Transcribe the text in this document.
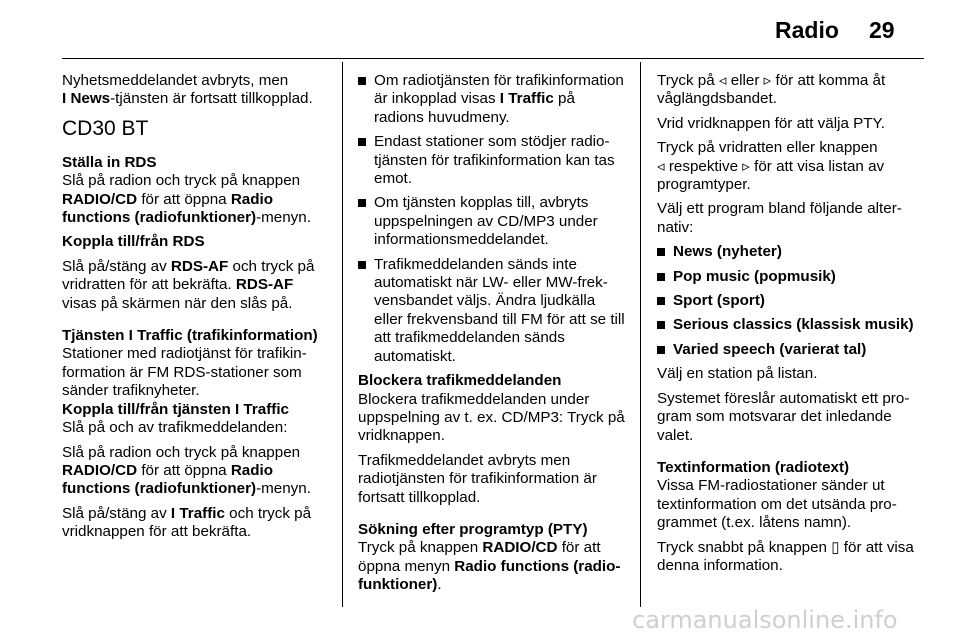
Radio 29

Nyhetsmeddelandet avbryts, men
I News-tjänsten är fortsatt tillkopplad.

CD30 BT

Ställa in RDS

Slå på radion och tryck på knappen RADIO/CD för att öppna Radio functions (radiofunktioner)-menyn.

Koppla till/från RDS

Slå på/stäng av RDS-AF och tryck på vridratten för att bekräfta. RDS-AF visas på skärmen när den slås på.

Tjänsten I Traffic (trafikinformation)

Stationer med radiotjänst för trafikinformation är FM RDS-stationer som sänder trafiknyheter.

Koppla till/från tjänsten I Traffic

Slå på och av trafikmeddelanden:

Slå på radion och tryck på knappen RADIO/CD för att öppna Radio functions (radiofunktioner)-menyn.

Slå på/stäng av I Traffic och tryck på vridknappen för att bekräfta.

Om radiotjänsten för trafikinformation är inkopplad visas I Traffic på radions huvudmeny.
Endast stationer som stödjer radiotjänsten för trafikinformation kan tas emot.
Om tjänsten kopplas till, avbryts uppspelningen av CD/MP3 under informationsmeddelandet.
Trafikmeddelanden sänds inte automatiskt när LW- eller MW-frekvensbandet väljs. Ändra ljudkälla eller frekvensband till FM för att se till att trafikmeddelanden sänds automatiskt.

Blockera trafikmeddelanden

Blockera trafikmeddelanden under uppspelning av t. ex. CD/MP3: Tryck på vridknappen.

Trafikmeddelandet avbryts men radiotjänsten för trafikinformation är fortsatt tillkopplad.

Sökning efter programtyp (PTY)

Tryck på knappen RADIO/CD för att öppna menyn Radio functions (radiofunktioner).

Tryck på ◃ eller ▹ för att komma åt våglängdsbandet.

Vrid vridknappen för att välja PTY.

Tryck på vridratten eller knappen
◃ respektive ▹ för att visa listan av programtyper.

Välj ett program bland följande alternativ:

News (nyheter)
Pop music (popmusik)
Sport (sport)
Serious classics (klassisk musik)
Varied speech (varierat tal)

Välj en station på listan.

Systemet föreslår automatiskt ett program som motsvarar det inledande valet.

Textinformation (radiotext)

Vissa FM-radiostationer sänder ut textinformation om det utsända programmet (t.ex. låtens namn).

Tryck snabbt på knappen ▯ för att visa denna information.

carmanualsonline.info
